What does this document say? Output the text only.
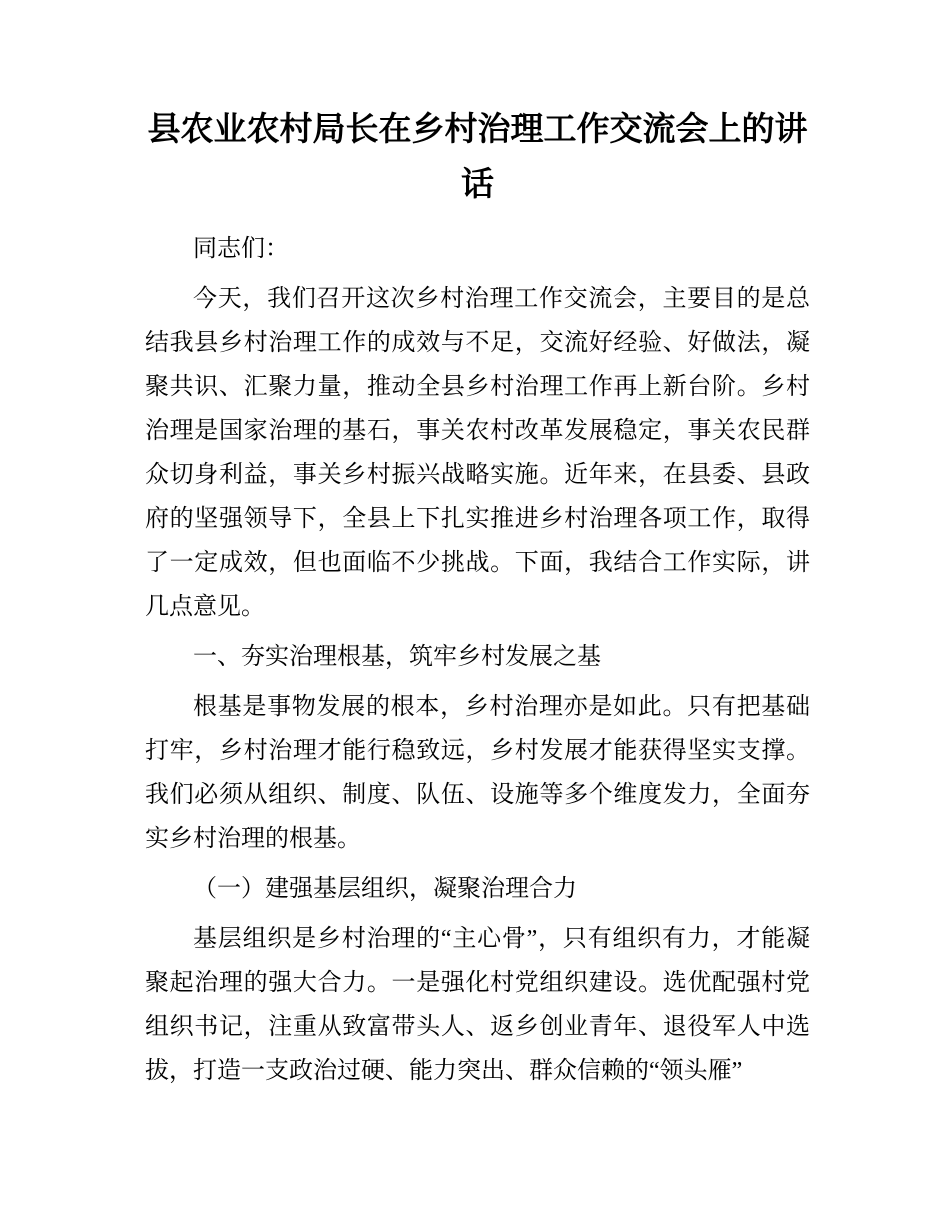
县农业农村局长在乡村治理工作交流会上的讲话

同志们：

今天，我们召开这次乡村治理工作交流会，主要目的是总结我县乡村治理工作的成效与不足，交流好经验、好做法，凝聚共识、汇聚力量，推动全县乡村治理工作再上新台阶。乡村治理是国家治理的基石，事关农村改革发展稳定，事关农民群众切身利益，事关乡村振兴战略实施。近年来，在县委、县政府的坚强领导下，全县上下扎实推进乡村治理各项工作，取得了一定成效，但也面临不少挑战。下面，我结合工作实际，讲几点意见。

一、夯实治理根基，筑牢乡村发展之基

根基是事物发展的根本，乡村治理亦是如此。只有把基础打牢，乡村治理才能行稳致远，乡村发展才能获得坚实支撑。我们必须从组织、制度、队伍、设施等多个维度发力，全面夯实乡村治理的根基。

（一）建强基层组织，凝聚治理合力

基层组织是乡村治理的“主心骨”，只有组织有力，才能凝聚起治理的强大合力。一是强化村党组织建设。选优配强村党组织书记，注重从致富带头人、返乡创业青年、退役军人中选拔，打造一支政治过硬、能力突出、群众信赖的“领头雁”
